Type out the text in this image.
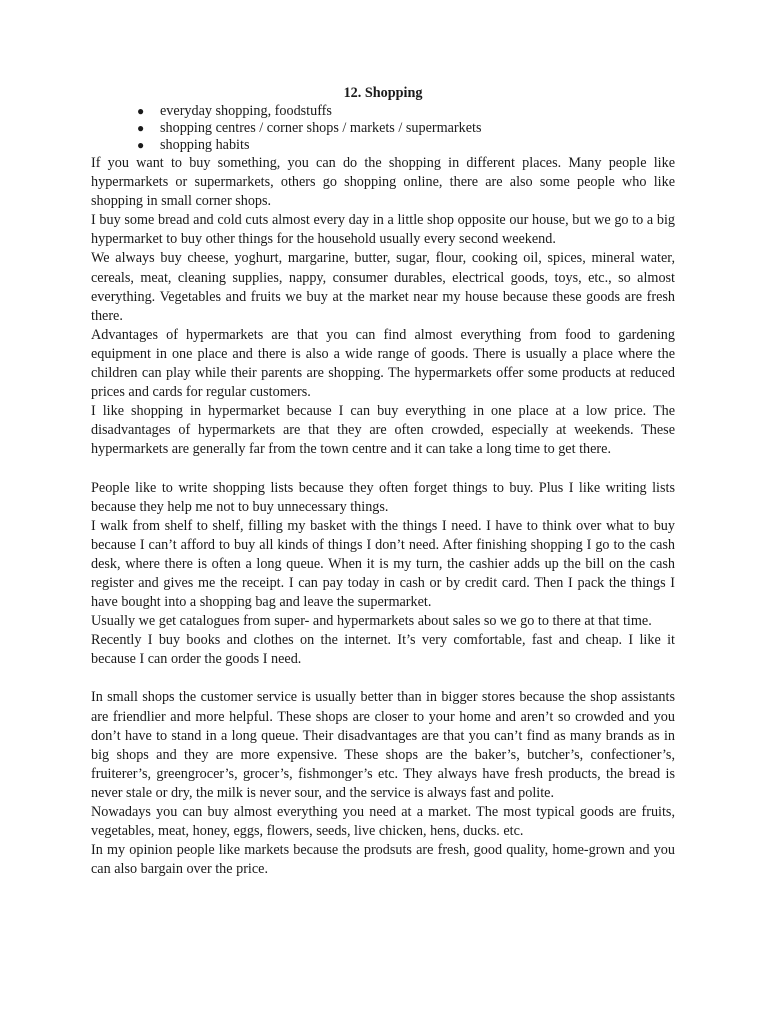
12. Shopping
● everyday shopping, foodstuffs
● shopping centres / corner shops / markets / supermarkets
● shopping habits

If you want to buy something, you can do the shopping in different places. Many people like hypermarkets or supermarkets, others go shopping online, there are also some people who like shopping in small corner shops.

I buy some bread and cold cuts almost every day in a little shop opposite our house, but we go to a big hypermarket to buy other things for the household usually every second weekend.

We always buy cheese, yoghurt, margarine, butter, sugar, flour, cooking oil, spices, mineral water, cereals, meat, cleaning supplies, nappy, consumer durables, electrical goods, toys, etc., so almost everything. Vegetables and fruits we buy at the market near my house because these goods are fresh there.

Advantages of hypermarkets are that you can find almost everything from food to gardening equipment in one place and there is also a wide range of goods. There is usually a place where the children can play while their parents are shopping. The hypermarkets offer some products at reduced prices and cards for regular customers.

I like shopping in hypermarket because I can buy everything in one place at a low price. The disadvantages of hypermarkets are that they are often crowded, especially at weekends. These hypermarkets are generally far from the town centre and it can take a long time to get there.

People like to write shopping lists because they often forget things to buy. Plus I like writing lists because they help me not to buy unnecessary things.

I walk from shelf to shelf, filling my basket with the things I need. I have to think over what to buy because I can’t afford to buy all kinds of things I don’t need. After finishing shopping I go to the cash desk, where there is often a long queue. When it is my turn, the cashier adds up the bill on the cash register and gives me the receipt. I can pay today in cash or by credit card. Then I pack the things I have bought into a shopping bag and leave the supermarket.

Usually we get catalogues from super- and hypermarkets about sales so we go to there at that time.

Recently I buy books and clothes on the internet. It’s very comfortable, fast and cheap. I like it because I can order the goods I need.

In small shops the customer service is usually better than in bigger stores because the shop assistants are friendlier and more helpful. These shops are closer to your home and aren’t so crowded and you don’t have to stand in a long queue. Their disadvantages are that you can’t find as many brands as in big shops and they are more expensive. These shops are the baker’s, butcher’s, confectioner’s, fruiterer’s, greengrocer’s, grocer’s, fishmonger’s etc. They always have fresh products, the bread is never stale or dry, the milk is never sour, and the service is always fast and polite.

Nowadays you can buy almost everything you need at a market. The most typical goods are fruits, vegetables, meat, honey, eggs, flowers, seeds, live chicken, hens, ducks. etc.

In my opinion people like markets because the prodsuts are fresh, good quality, home-grown and you can also bargain over the price.
